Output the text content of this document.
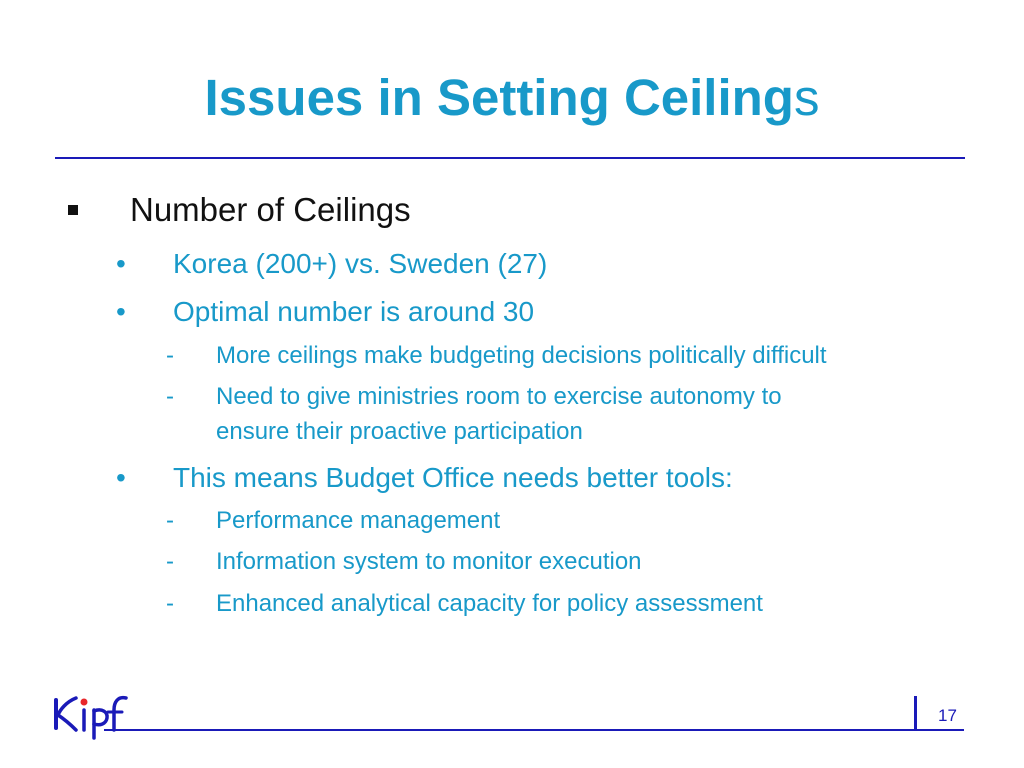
Issues in Setting Ceilings
Number of Ceilings
• Korea (200+) vs. Sweden (27)
• Optimal number is around 30
- More ceilings make budgeting decisions politically difficult
- Need to give ministries room to exercise autonomy to
ensure their proactive participation
• This means Budget Office needs better tools:
- Performance management
- Information system to monitor execution
- Enhanced analytical capacity for policy assessment
17
